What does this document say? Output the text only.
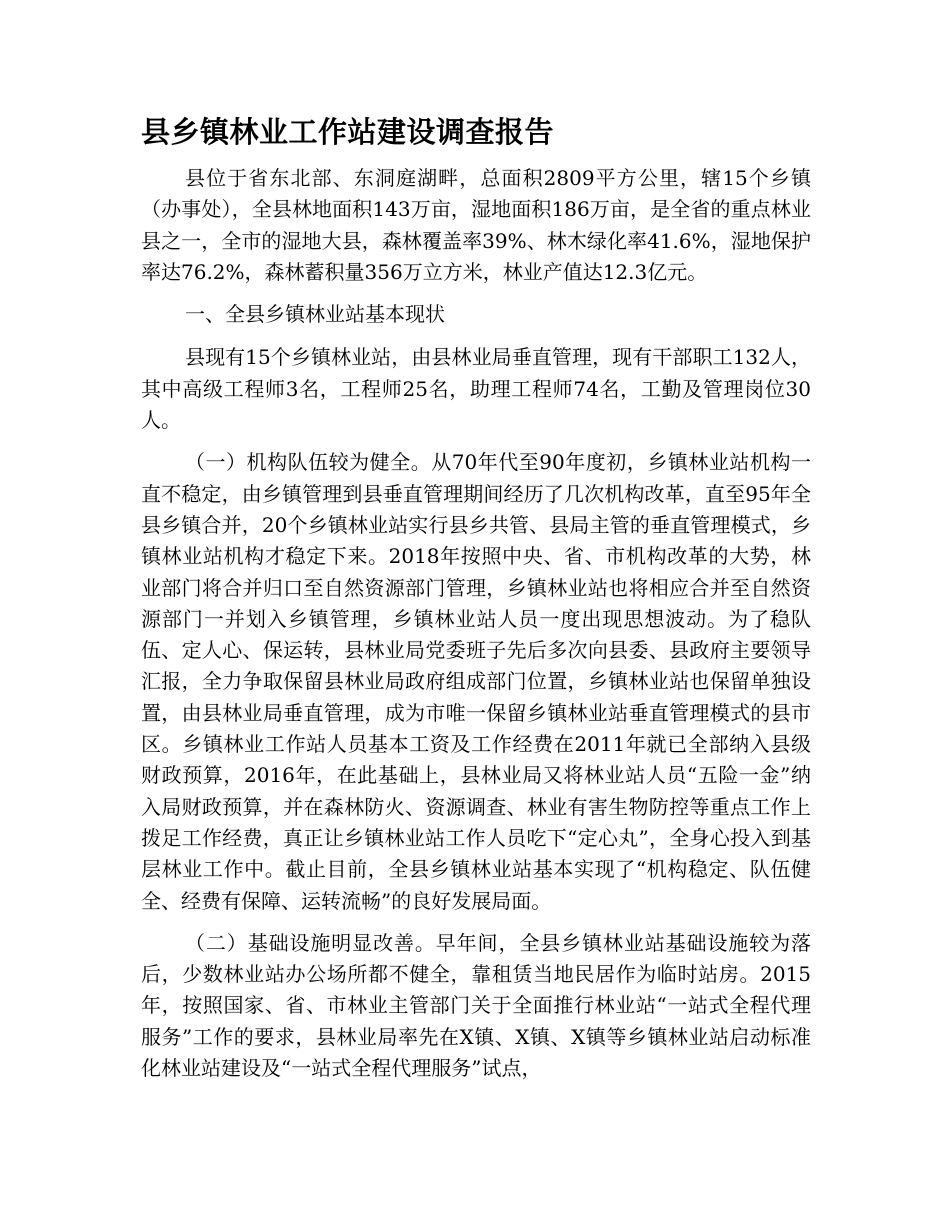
县乡镇林业工作站建设调查报告

县位于省东北部、东洞庭湖畔，总面积2809平方公里，辖15个乡镇（办事处），全县林地面积143万亩，湿地面积186万亩，是全省的重点林业县之一，全市的湿地大县，森林覆盖率39%、林木绿化率41.6%，湿地保护率达76.2%，森林蓄积量356万立方米，林业产值达12.3亿元。

一、全县乡镇林业站基本现状

县现有15个乡镇林业站，由县林业局垂直管理，现有干部职工132人，其中高级工程师3名，工程师25名，助理工程师74名，工勤及管理岗位30人。

（一）机构队伍较为健全。从70年代至90年度初，乡镇林业站机构一直不稳定，由乡镇管理到县垂直管理期间经历了几次机构改革，直至95年全县乡镇合并，20个乡镇林业站实行县乡共管、县局主管的垂直管理模式，乡镇林业站机构才稳定下来。2018年按照中央、省、市机构改革的大势，林业部门将合并归口至自然资源部门管理，乡镇林业站也将相应合并至自然资源部门一并划入乡镇管理，乡镇林业站人员一度出现思想波动。为了稳队伍、定人心、保运转，县林业局党委班子先后多次向县委、县政府主要领导汇报，全力争取保留县林业局政府组成部门位置，乡镇林业站也保留单独设置，由县林业局垂直管理，成为市唯一保留乡镇林业站垂直管理模式的县市区。乡镇林业工作站人员基本工资及工作经费在2011年就已全部纳入县级财政预算，2016年，在此基础上，县林业局又将林业站人员“五险一金”纳入局财政预算，并在森林防火、资源调查、林业有害生物防控等重点工作上拨足工作经费，真正让乡镇林业站工作人员吃下“定心丸”，全身心投入到基层林业工作中。截止目前，全县乡镇林业站基本实现了“机构稳定、队伍健全、经费有保障、运转流畅”的良好发展局面。

（二）基础设施明显改善。早年间，全县乡镇林业站基础设施较为落后，少数林业站办公场所都不健全，靠租赁当地民居作为临时站房。2015年，按照国家、省、市林业主管部门关于全面推行林业站“一站式全程代理服务”工作的要求，县林业局率先在X镇、X镇、X镇等乡镇林业站启动标准化林业站建设及“一站式全程代理服务”试点，
